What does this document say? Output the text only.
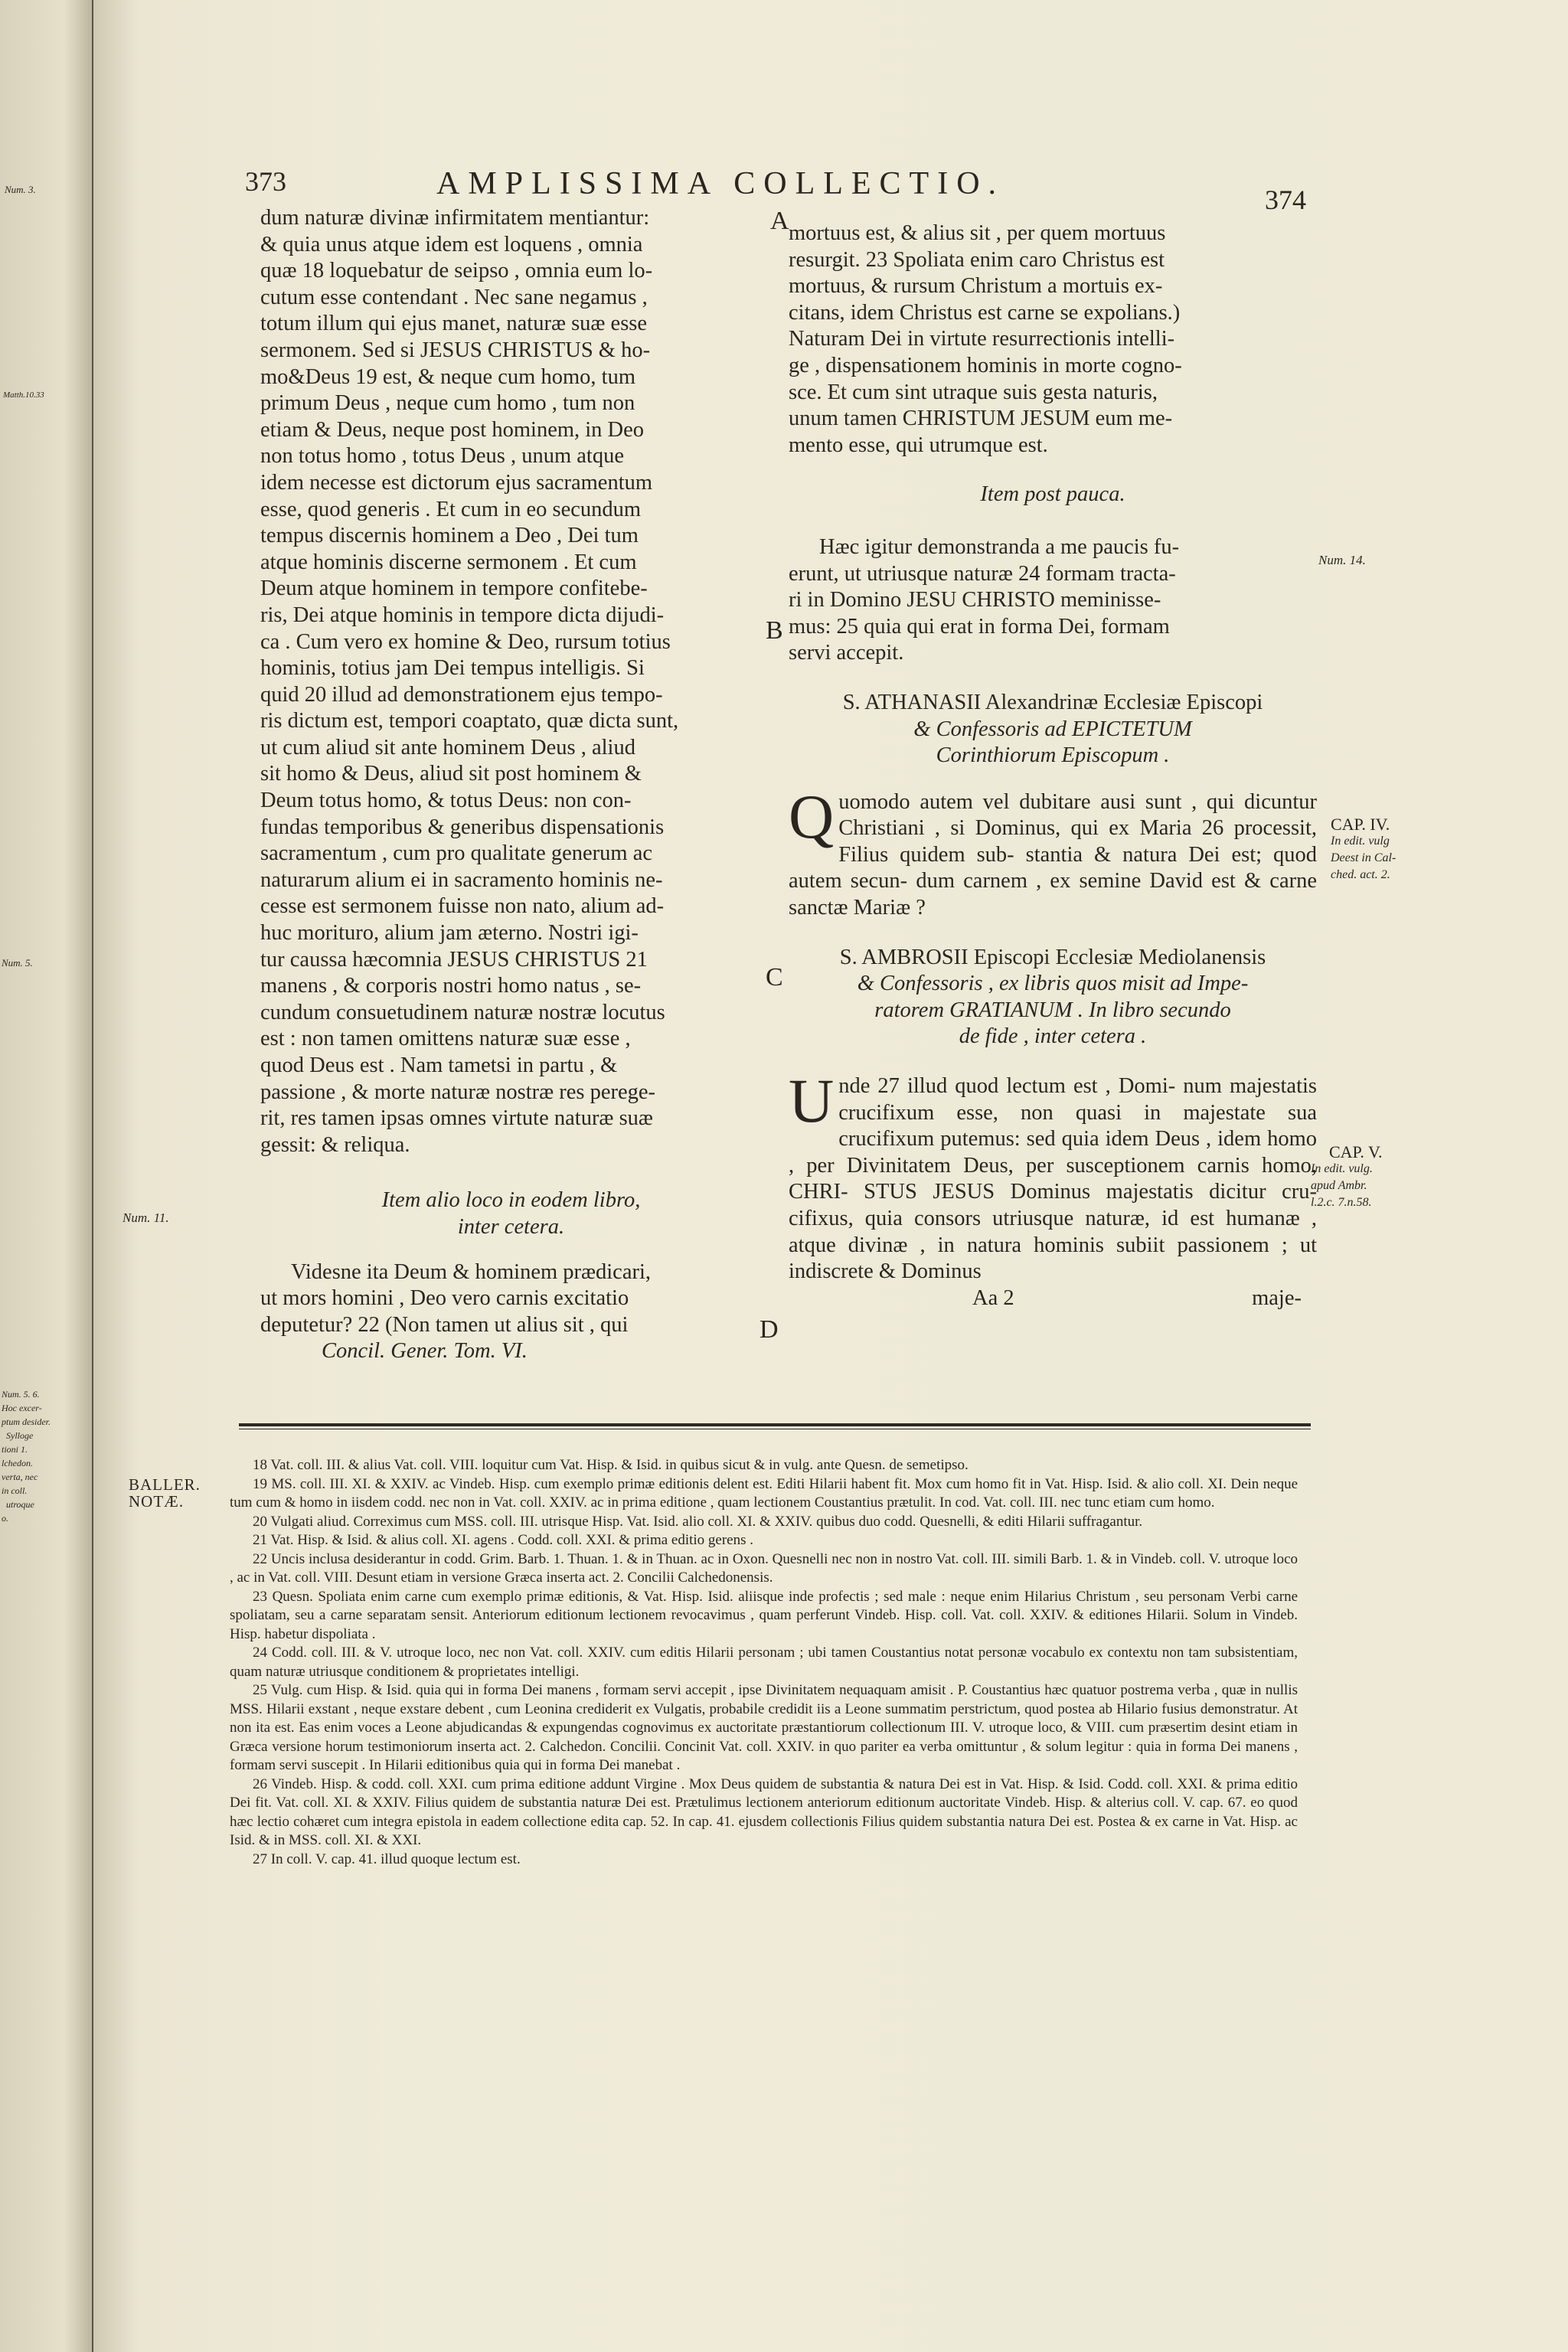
Num. 3.
Matth.10.33
Num. 5.
Num. 5. 6.
Hoc excer-
ptum desider.
Sylloge
tioni 1.
lchedon.
verta, nec
in coll.
utroque
o.
373	AMPLISSIMA COLLECTIO.	374

dum naturæ divinæ infirmitatem mentiantur:

& quia unus atque idem est loquens , omnia

quæ 18 loquebatur de seipso , omnia eum lo-

cutum esse contendant . Nec sane negamus ,

totum illum qui ejus manet, naturæ suæ esse

sermonem. Sed si JESUS CHRISTUS & ho-

mo&Deus 19 est, & neque cum homo, tum

primum Deus , neque cum homo , tum non

etiam & Deus, neque post hominem, in Deo

non totus homo , totus Deus , unum atque

idem necesse est dictorum ejus sacramentum

esse, quod generis . Et cum in eo secundum

tempus discernis hominem a Deo , Dei tum

atque hominis discerne sermonem . Et cum

Deum atque hominem in tempore confitebe-

ris, Dei atque hominis in tempore dicta dijudi-

ca . Cum vero ex homine & Deo, rursum totius

hominis, totius jam Dei tempus intelligis. Si

quid 20 illud ad demonstrationem ejus tempo-

ris dictum est, tempori coaptato, quæ dicta sunt,

ut cum aliud sit ante hominem Deus , aliud

sit homo & Deus, aliud sit post hominem &

Deum totus homo, & totus Deus: non con-

fundas temporibus & generibus dispensationis

sacramentum , cum pro qualitate generum ac

naturarum alium ei in sacramento hominis ne-

cesse est sermonem fuisse non nato, alium ad-

huc morituro, alium jam æterno. Nostri igi-

tur caussa hæcomnia JESUS CHRISTUS 21

manens , & corporis nostri homo natus , se-

cundum consuetudinem naturæ nostræ locutus

est : non tamen omittens naturæ suæ esse ,

quod Deus est . Nam tametsi in partu , &

passione , & morte naturæ nostræ res perege-

rit, res tamen ipsas omnes virtute naturæ suæ

gessit: & reliqua.

Item alio loco in eodem libro,

inter cetera.

Videsne ita Deum & hominem prædicari,

ut mors homini , Deo vero carnis excitatio

deputetur? 22 (Non tamen ut alius sit , qui

Concil. Gener. Tom. VI.

mortuus est, & alius sit , per quem mortuus

resurgit. 23 Spoliata enim caro Christus est

mortuus, & rursum Christum a mortuis ex-

citans, idem Christus est carne se expolians.)

Naturam Dei in virtute resurrectionis intelli-

ge , dispensationem hominis in morte cogno-

sce. Et cum sint utraque suis gesta naturis,

unum tamen CHRISTUM JESUM eum me-

mento esse, qui utrumque est.

Item post pauca.

Hæc igitur demonstranda a me paucis fu-

erunt, ut utriusque naturæ 24 formam tracta-

ri in Domino JESU CHRISTO meminisse-

mus: 25 quia qui erat in forma Dei, formam

servi accepit.

S. ATHANASII Alexandrinæ Ecclesiæ Episcopi

& Confessoris ad EPICTETUM

Corinthiorum Episcopum .

Quomodo autem vel dubitare ausi sunt , qui dicuntur Christiani , si Dominus, qui ex Maria 26 processit, Filius quidem sub- stantia & natura Dei est; quod autem secun- dum carnem , ex semine David est & carne sanctæ Mariæ ?

S. AMBROSII Episcopi Ecclesiæ Mediolanensis

& Confessoris , ex libris quos misit ad Impe-

ratorem GRATIANUM . In libro secundo

de fide , inter cetera .

Unde 27 illud quod lectum est , Domi- num majestatis crucifixum esse, non quasi in majestate sua crucifixum putemus: sed quia idem Deus , idem homo , per Divinitatem Deus, per susceptionem carnis homo, CHRI- STUS JESUS Dominus majestatis dicitur cru- cifixus, quia consors utriusque naturæ, id est humanæ , atque divinæ , in natura hominis subiit passionem ; ut indiscrete & Dominus

Aa 2	maje-

A
B
C
D
Num. 14.
Num. 11.
CAP. IV.
In edit. vulg
Deest in Cal-
ched. act. 2.
CAP. V.
In edit. vulg.
apud Ambr.
l.2.c. 7.n.58.
BALLER.
NOTÆ.

18 Vat. coll. III. & alius Vat. coll. VIII. loquitur cum Vat. Hisp. & Isid. in quibus sicut & in vulg. ante Quesn. de semetipso.

19 MS. coll. III. XI. & XXIV. ac Vindeb. Hisp. cum exemplo primæ editionis delent est. Editi Hilarii habent fit. Mox cum homo fit in Vat. Hisp. Isid. & alio coll. XI. Dein neque tum cum & homo in iisdem codd. nec non in Vat. coll. XXIV. ac in prima editione , quam lectionem Coustantius prætulit. In cod. Vat. coll. III. nec tunc etiam cum homo.

20 Vulgati aliud. Correximus cum MSS. coll. III. utrisque Hisp. Vat. Isid. alio coll. XI. & XXIV. quibus duo codd. Quesnelli, & editi Hilarii suffragantur.

21 Vat. Hisp. & Isid. & alius coll. XI. agens . Codd. coll. XXI. & prima editio gerens .

22 Uncis inclusa desiderantur in codd. Grim. Barb. 1. Thuan. 1. & in Thuan. ac in Oxon. Quesnelli nec non in nostro Vat. coll. III. simili Barb. 1. & in Vindeb. coll. V. utroque loco , ac in Vat. coll. VIII. Desunt etiam in versione Græca inserta act. 2. Concilii Calchedonensis.

23 Quesn. Spoliata enim carne cum exemplo primæ editionis, & Vat. Hisp. Isid. aliisque inde profectis ; sed male : neque enim Hilarius Christum , seu personam Verbi carne spoliatam, seu a carne separatam sensit. Anteriorum editionum lectionem revocavimus , quam perferunt Vindeb. Hisp. coll. Vat. coll. XXIV. & editiones Hilarii. Solum in Vindeb. Hisp. habetur dispoliata .

24 Codd. coll. III. & V. utroque loco, nec non Vat. coll. XXIV. cum editis Hilarii personam ; ubi tamen Coustantius notat personæ vocabulo ex contextu non tam subsistentiam, quam naturæ utriusque conditionem & proprietates intelligi.

25 Vulg. cum Hisp. & Isid. quia qui in forma Dei manens , formam servi accepit , ipse Divinitatem nequaquam amisit . P. Coustantius hæc quatuor postrema verba , quæ in nullis MSS. Hilarii exstant , neque exstare debent , cum Leonina crediderit ex Vulgatis, probabile credidit iis a Leone summatim perstrictum, quod postea ab Hilario fusius demonstratur. At non ita est. Eas enim voces a Leone abjudicandas & expungendas cognovimus ex auctoritate præstantiorum collectionum III. V. utroque loco, & VIII. cum præsertim desint etiam in Græca versione horum testimoniorum inserta act. 2. Calchedon. Concilii. Concinit Vat. coll. XXIV. in quo pariter ea verba omittuntur , & solum legitur : quia in forma Dei manens , formam servi suscepit . In Hilarii editionibus quia qui in forma Dei manebat .

26 Vindeb. Hisp. & codd. coll. XXI. cum prima editione addunt Virgine . Mox Deus quidem de substantia & natura Dei est in Vat. Hisp. & Isid. Codd. coll. XXI. & prima editio Dei fit. Vat. coll. XI. & XXIV. Filius quidem de substantia naturæ Dei est. Prætulimus lectionem anteriorum editionum auctoritate Vindeb. Hisp. & alterius coll. V. cap. 67. eo quod hæc lectio cohæret cum integra epistola in eadem collectione edita cap. 52. In cap. 41. ejusdem collectionis Filius quidem substantia natura Dei est. Postea & ex carne in Vat. Hisp. ac Isid. & in MSS. coll. XI. & XXI.

27 In coll. V. cap. 41. illud quoque lectum est.
